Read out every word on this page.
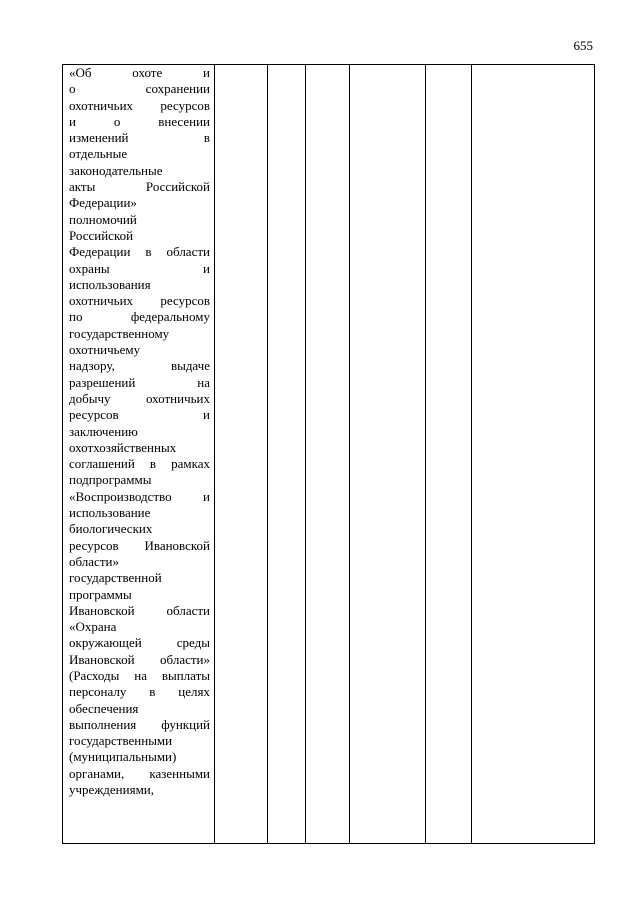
655
«Об охоте и
о сохранении
охотничьих ресурсов
и о внесении
изменений в
отдельные
законодательные
акты Российской
Федерации»
полномочий
Российской
Федерации в области
охраны и
использования
охотничьих ресурсов
по федеральному
государственному
охотничьему
надзору, выдаче
разрешений на
добычу охотничьих
ресурсов и
заключению
охотхозяйственных
соглашений в рамках
подпрограммы
«Воспроизводство и
использование
биологических
ресурсов Ивановской
области»
государственной
программы
Ивановской области
«Охрана
окружающей среды
Ивановской области»
(Расходы на выплаты
персоналу в целях
обеспечения
выполнения функций
государственными
(муниципальными)
органами, казенными
учреждениями,
